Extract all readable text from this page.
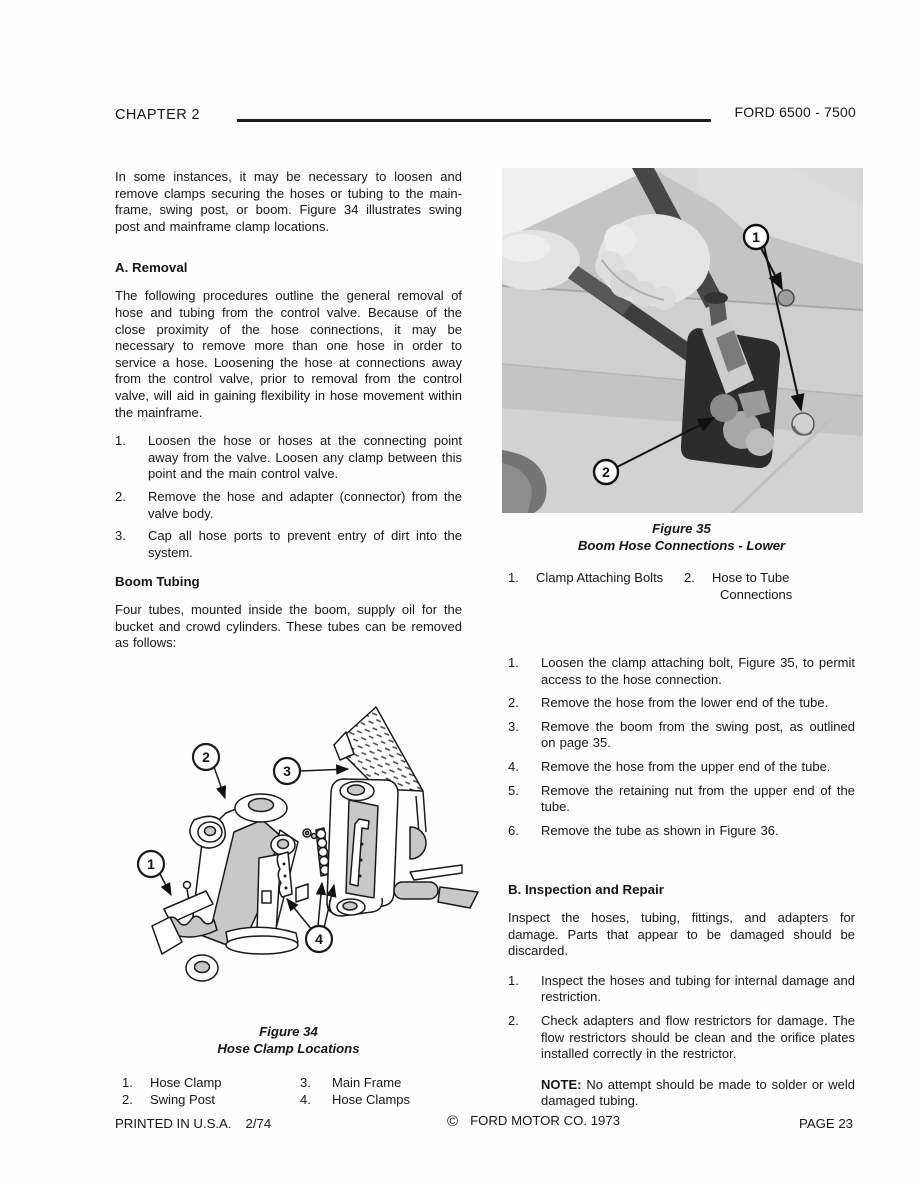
CHAPTER 2	FORD 6500 - 7500

In some instances, it may be necessary to loosen and remove clamps securing the hoses or tubing to the main-frame, swing post, or boom. Figure 34 illustrates swing post and mainframe clamp locations.

A. Removal

The following procedures outline the general removal of hose and tubing from the control valve. Because of the close proximity of the hose connections, it may be necessary to remove more than one hose in order to service a hose. Loosening the hose at connections away from the control valve, prior to removal from the control valve, will aid in gaining flexibility in hose movement within the mainframe.

1.	Loosen the hose or hoses at the connecting point away from the valve. Loosen any clamp between this point and the main control valve.
2.	Remove the hose and adapter (connector) from the valve body.
3.	Cap all hose ports to prevent entry of dirt into the system.
Boom Tubing

Four tubes, mounted inside the boom, supply oil for the bucket and crowd cylinders. These tubes can be removed as follows:

2
3
1
4
Figure 34
Hose Clamp Locations
1.	Hose Clamp	3.	Main Frame
2.	Swing Post	4.	Hose Clamps
1
2
Figure 35
Boom Hose Connections - Lower
1.	Clamp Attaching Bolts	2.	Hose to Tube
Connections
1.	Loosen the clamp attaching bolt, Figure 35, to permit access to the hose connection.
2.	Remove the hose from the lower end of the tube.
3.	Remove the boom from the swing post, as outlined on page 35.
4.	Remove the hose from the upper end of the tube.
5.	Remove the retaining nut from the upper end of the tube.
6.	Remove the tube as shown in Figure 36.
B. Inspection and Repair

Inspect the hoses, tubing, fittings, and adapters for damage. Parts that appear to be damaged should be discarded.

1.	Inspect the hoses and tubing for internal damage and restriction.
2.	Check adapters and flow restrictors for damage. The flow restrictors should be clean and the orifice plates installed correctly in the restrictor.

NOTE: No attempt should be made to solder or weld damaged tubing.

PRINTED IN U.S.A. 2/74	© FORD MOTOR CO. 1973	PAGE 23
